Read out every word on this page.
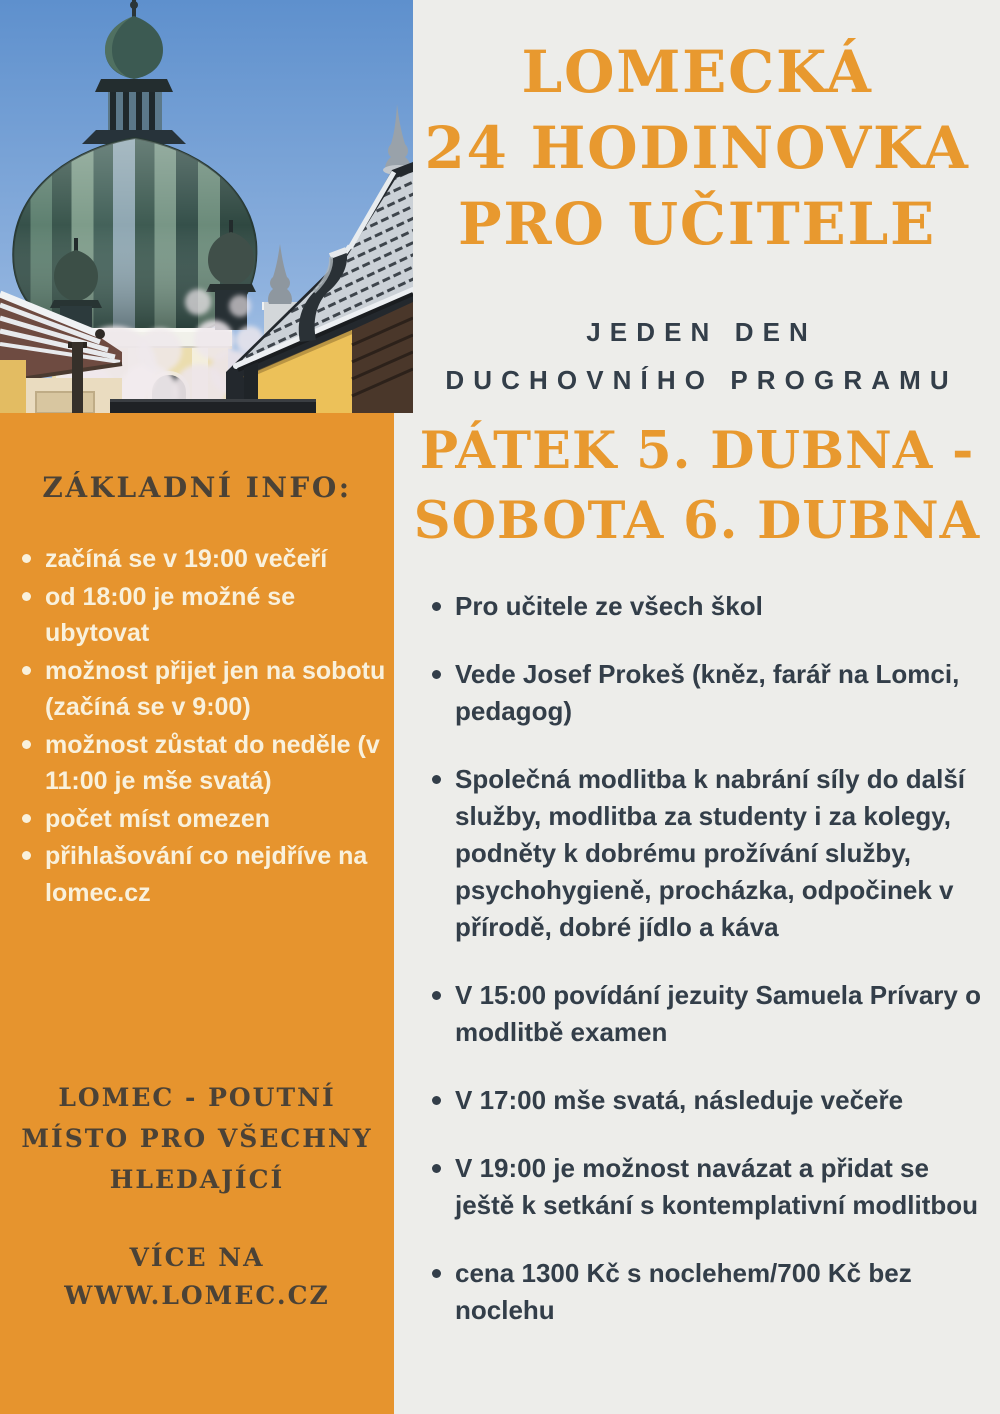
ZÁKLADNÍ INFO:
začíná se v 19:00 večeří
od 18:00 je možné se ubytovat
možnost přijet jen na sobotu (začíná se v 9:00)
možnost zůstat do neděle (v 11:00 je mše svatá)
počet míst omezen
přihlašování co nejdříve na lomec.cz
LOMEC - POUTNÍ
MÍSTO PRO VŠECHNY
HLEDAJÍCÍ
VÍCE NA
WWW.LOMEC.CZ
LOMECKÁ
24 HODINOVKA
PRO UČITELE
JEDEN DEN
DUCHOVNÍHO PROGRAMU
PÁTEK 5. DUBNA -
SOBOTA 6. DUBNA
Pro učitele ze všech škol
Vede Josef Prokeš (kněz, farář na Lomci, pedagog)
Společná modlitba k nabrání síly do další služby, modlitba za studenty i za kolegy, podněty k dobrému prožívání služby, psychohygieně, procházka, odpočinek v přírodě, dobré jídlo a káva
V 15:00 povídání jezuity Samuela Prívary o modlitbě examen
V 17:00 mše svatá, následuje večeře
V 19:00 je možnost navázat a přidat se ještě k setkání s kontemplativní modlitbou
cena 1300 Kč s noclehem/700 Kč bez noclehu
